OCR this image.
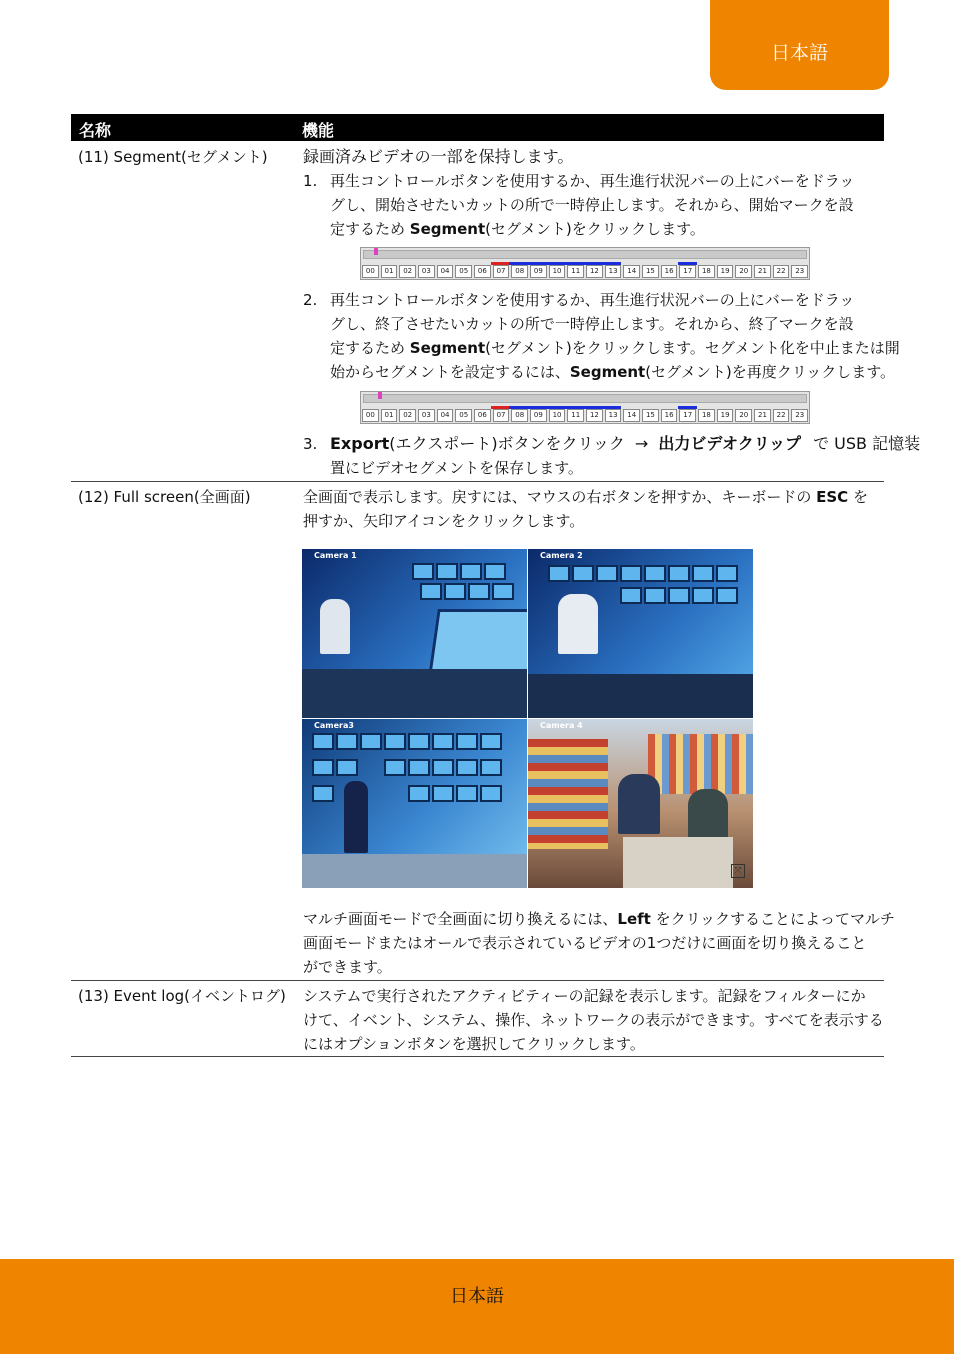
日本語
名称	機能
(11) Segment(セグメント) 録画済みビデオの一部を保持します。
1. 再生コントロールボタンを使用するか、再生進行状況バーの上にバーをドラッ
グし、開始させたいカットの所で一時停止します。それから、開始マークを設
定するため Segment(セグメント)をクリックします。
00	01	02	03	04	05	06	07	08	09	10	11	12	13	14	15	16	17	18	19	20	21	22	23
2. 再生コントロールボタンを使用するか、再生進行状況バーの上にバーをドラッ
グし、終了させたいカットの所で一時停止します。それから、終了マークを設
定するため Segment(セグメント)をクリックします。セグメント化を中止または開
始からセグメントを設定するには、Segment(セグメント)を再度クリックします。
00	01	02	03	04	05	06	07	08	09	10	11	12	13	14	15	16	17	18	19	20	21	22	23
3. Export(エクスポート)ボタンをクリック → 出力ビデオクリップ で USB 記憶装
置にビデオセグメントを保存します。
(12) Full screen(全画面)	全画面で表示します。戻すには、マウスの右ボタンを押すか、キーボードの ESC を
押すか、矢印アイコンをクリックします。
Camera 1	Camera 2
Camera3
⤧
Camera 4
マルチ画面モードで全画面に切り換えるには、Left をクリックすることによってマルチ
画面モードまたはオールで表示されているビデオの1つだけに画面を切り換えること
ができます。
(13) Event log(イベントログ) システムで実行されたアクティビティーの記録を表示します。記録をフィルターにか
けて、イベント、システム、操作、ネットワークの表示ができます。すべてを表示する
にはオプションボタンを選択してクリックします。
日本語
